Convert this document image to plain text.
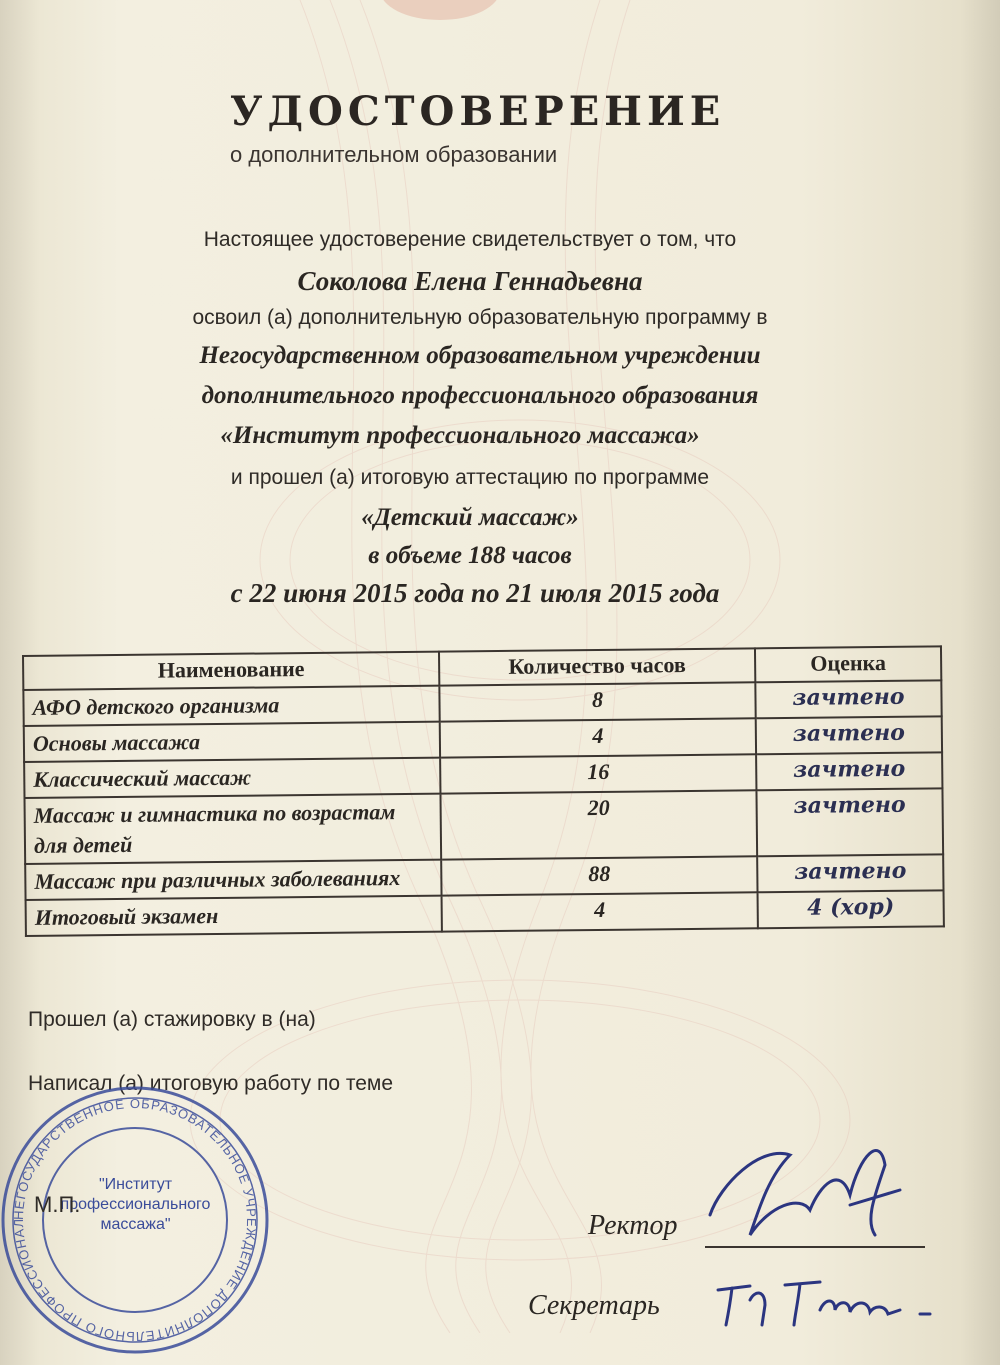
УДОСТОВЕРЕНИЕ
о дополнительном образовании
Настоящее удостоверение свидетельствует о том, что
Соколова Елена Геннадьевна
освоил (а) дополнительную образовательную программу в
Негосударственном образовательном учреждении
дополнительного профессионального образования
«Институт профессионального массажа»
и прошел (а) итоговую аттестацию по программе
«Детский массаж»
в объеме 188 часов
с 22 июня 2015 года по 21 июля 2015 года
Наименование	Количество часов	Оценка
АФО детского организма	8	зачтено
Основы массажа	4	зачтено
Классический массаж	16	зачтено
Массаж и гимнастика по возрастам для детей	20	зачтено
Массаж при различных заболеваниях	88	зачтено
Итоговый экзамен	4	4 (хор)
Прошел (а) стажировку в (на)
Написал (а) итоговую работу по теме
НЕГОСУДАРСТВЕННОЕ ОБРАЗОВАТЕЛЬНОЕ УЧРЕЖДЕНИЕ ДОПОЛНИТЕЛЬНОГО ПРОФЕССИОНАЛ
"Институт профессионального массажа"
М.П.
Ректор
Секретарь
